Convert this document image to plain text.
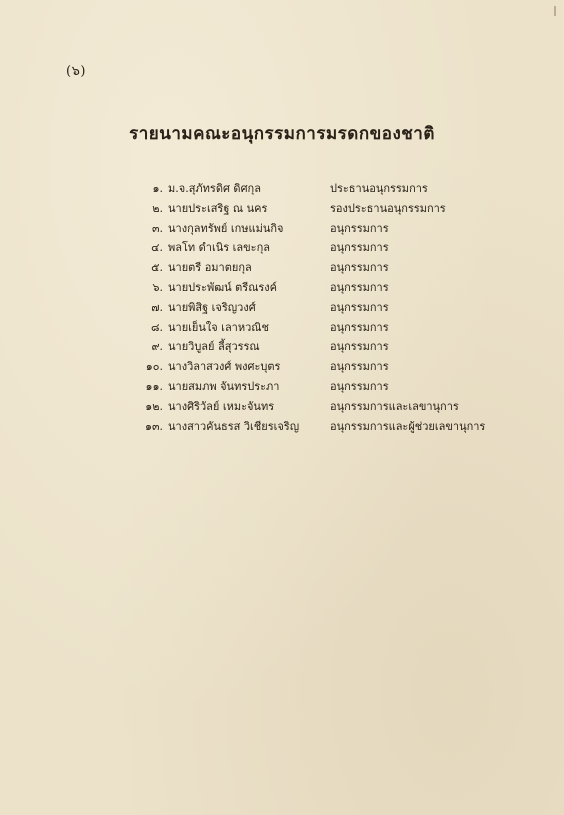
(๖)
รายนามคณะอนุกรรมการมรดกของชาติ
๑. ม.จ.สุภัทรดิศ ดิศกุล	ประธานอนุกรรมการ
๒. นายประเสริฐ ณ นคร	รองประธานอนุกรรมการ
๓. นางกุลทรัพย์ เกษแม่นกิจ	อนุกรรมการ
๔. พลโท ดำเนิร เลขะกุล	อนุกรรมการ
๕. นายตรี อมาตยกุล	อนุกรรมการ
๖. นายประพัฒน์ ตรีณรงค์	อนุกรรมการ
๗. นายพิสิฐ เจริญวงศ์	อนุกรรมการ
๘. นายเย็นใจ เลาหวณิช	อนุกรรมการ
๙. นายวิบูลย์ ลี้สุวรรณ	อนุกรรมการ
๑๐. นางวิลาสวงศ์ พงศะบุตร	อนุกรรมการ
๑๑. นายสมภพ จันทรประภา	อนุกรรมการ
๑๒. นางศิริวัลย์ เหมะจันทร	อนุกรรมการและเลขานุการ
๑๓. นางสาวคันธรส วิเชียรเจริญ	อนุกรรมการและผู้ช่วยเลขานุการ
